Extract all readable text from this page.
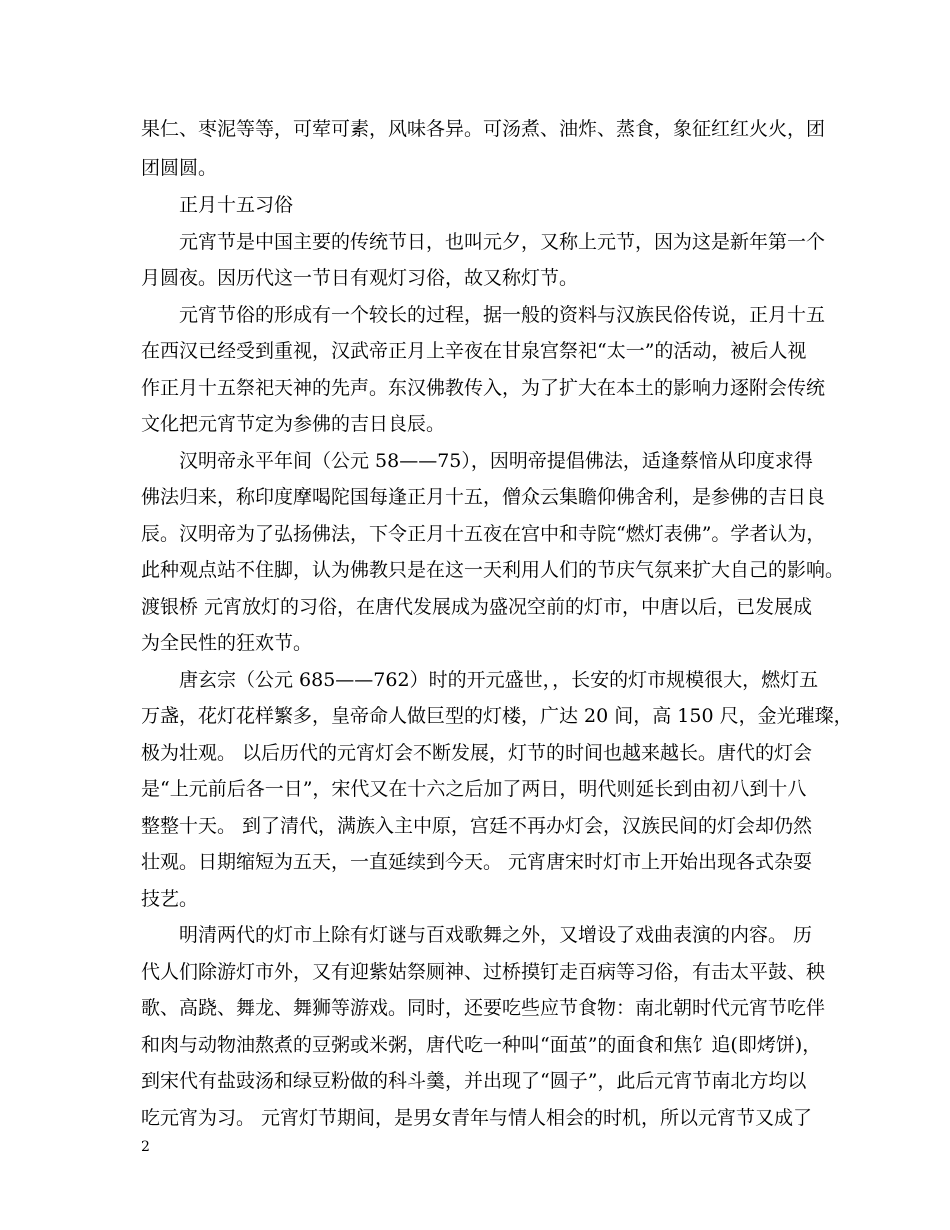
果仁、枣泥等等，可荤可素，风味各异。可汤煮、油炸、蒸食，象征红红火火，团
团圆圆。
正月十五习俗
元宵节是中国主要的传统节日，也叫元夕，又称上元节，因为这是新年第一个
月圆夜。因历代这一节日有观灯习俗，故又称灯节。
元宵节俗的形成有一个较长的过程，据一般的资料与汉族民俗传说，正月十五
在西汉已经受到重视，汉武帝正月上辛夜在甘泉宫祭祀“太一”的活动，被后人视
作正月十五祭祀天神的先声。东汉佛教传入，为了扩大在本土的影响力逐附会传统
文化把元宵节定为参佛的吉日良辰。
汉明帝永平年间（公元 58——75），因明帝提倡佛法，适逢蔡愔从印度求得
佛法归来，称印度摩喝陀国每逢正月十五，僧众云集瞻仰佛舍利，是参佛的吉日良
辰。汉明帝为了弘扬佛法，下令正月十五夜在宫中和寺院“燃灯表佛”。学者认为，
此种观点站不住脚，认为佛教只是在这一天利用人们的节庆气氛来扩大自己的影响。
渡银桥 元宵放灯的习俗，在唐代发展成为盛况空前的灯市，中唐以后，已发展成
为全民性的狂欢节。
唐玄宗（公元 685——762）时的开元盛世，，长安的灯市规模很大，燃灯五
万盏，花灯花样繁多，皇帝命人做巨型的灯楼，广达 20 间，高 150 尺，金光璀璨，
极为壮观。 以后历代的元宵灯会不断发展，灯节的时间也越来越长。唐代的灯会
是“上元前后各一日”，宋代又在十六之后加了两日，明代则延长到由初八到十八
整整十天。 到了清代，满族入主中原，宫廷不再办灯会，汉族民间的灯会却仍然
壮观。日期缩短为五天，一直延续到今天。 元宵唐宋时灯市上开始出现各式杂耍
技艺。
明清两代的灯市上除有灯谜与百戏歌舞之外，又增设了戏曲表演的内容。 历
代人们除游灯市外，又有迎紫姑祭厕神、过桥摸钉走百病等习俗，有击太平鼓、秧
歌、高跷、舞龙、舞狮等游戏。同时，还要吃些应节食物：南北朝时代元宵节吃伴
和肉与动物油熬煮的豆粥或米粥，唐代吃一种叫“面茧”的面食和焦饣追(即烤饼)，
到宋代有盐豉汤和绿豆粉做的科斗羹，并出现了“圆子”，此后元宵节南北方均以
吃元宵为习。 元宵灯节期间，是男女青年与情人相会的时机，所以元宵节又成了
2
